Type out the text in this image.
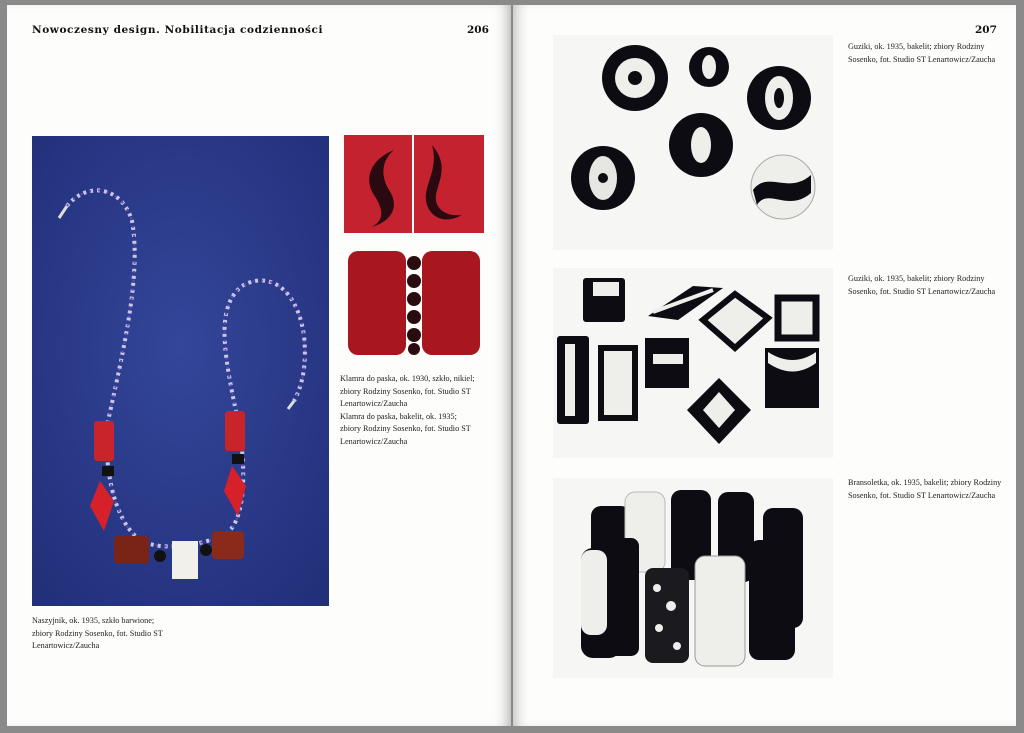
Nowoczesny design. Nobilitacja codzienności	206
Klamra do paska, ok. 1930, szkło, nikiel;
zbiory Rodziny Sosenko, fot. Studio ST
Lenartowicz/Zaucha
Klamra do paska, bakelit, ok. 1935;
zbiory Rodziny Sosenko, fot. Studio ST
Lenartowicz/Zaucha
Naszyjnik, ok. 1935, szkło barwione;
zbiory Rodziny Sosenko, fot. Studio ST
Lenartowicz/Zaucha
207
Guziki, ok. 1935, bakelit; zbiory Rodziny
Sosenko, fot. Studio ST Lenartowicz/Zaucha
Guziki, ok. 1935, bakelit; zbiory Rodziny
Sosenko, fot. Studio ST Lenartowicz/Zaucha
Bransoletka, ok. 1935, bakelit; zbiory Rodziny
Sosenko, fot. Studio ST Lenartowicz/Zaucha
